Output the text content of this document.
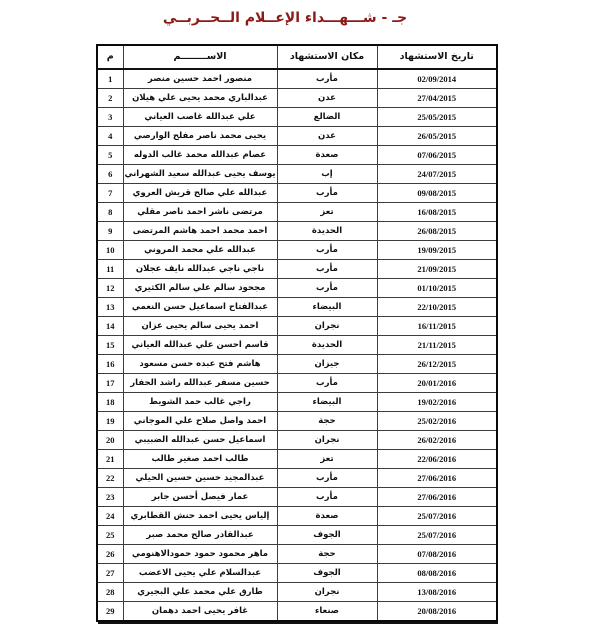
جـ - شـــهـــداء الإعــلام الــحــربــي
تاريخ الاستشهاد	مكان الاستشهاد	الاســــــــم	م
02/09/2014	مأرب	منصور احمد حسين منصر	1
27/04/2015	عدن	عبدالباري محمد يحيى علي هيلان	2
25/05/2015	الضالع	علي عبدالله غاصب العياني	3
26/05/2015	عدن	يحيى محمد ناصر مفلح الوارصي	4
07/06/2015	صعدة	عصام عبدالله محمد غالب الدوله	5
24/07/2015	إب	يوسف يحيى عبدالله سعيد الشهراني	6
09/08/2015	مأرب	عبدالله علي صالح قريش العروي	7
16/08/2015	تعز	مرتضى ناشر احمد ناصر مقلي	8
26/08/2015	الحديدة	احمد محمد احمد هاشم المرتضى	9
19/09/2015	مأرب	عبدالله علي محمد المروني	10
21/09/2015	مأرب	ناجي ناجي عبدالله نايف عجلان	11
01/10/2015	مأرب	مجحود سالم علي سالم الكثيري	12
22/10/2015	البيضاء	عبدالفتاح اسماعيل حسن النعمي	13
16/11/2015	نجران	احمد يحيى سالم يحيى عزان	14
21/11/2015	الحديدة	قاسم احسن علي عبدالله العياني	15
26/12/2015	جيزان	هاشم فتح عبده حسن مسعود	16
20/01/2016	مأرب	حسين مسفر عبدالله راشد الحفار	17
19/02/2016	البيضاء	راجي غالب حمد الشويط	18
25/02/2016	حجة	احمد واصل صلاح علي الموجاني	19
26/02/2016	نجران	اسماعيل حسن عبدالله الضبيبي	20
22/06/2016	تعز	طالب احمد صغير طالب	21
27/06/2016	مأرب	عبدالمجيد حسين حسين الحيلي	22
27/06/2016	مأرب	عمار فيصل أحسن جابر	23
25/07/2016	صعدة	إلياس يحيى احمد حنش القطابري	24
25/07/2016	الجوف	عبدالقادر صالح محمد صبر	25
07/08/2016	حجة	ماهر محمود حمود حمودالاهنومي	26
08/08/2016	الجوف	عبدالسلام علي يحيى الاعضب	27
13/08/2016	نجران	طارق علي محمد علي البجيري	28
20/08/2016	صنعاء	غافر يحيى احمد دهمان	29
